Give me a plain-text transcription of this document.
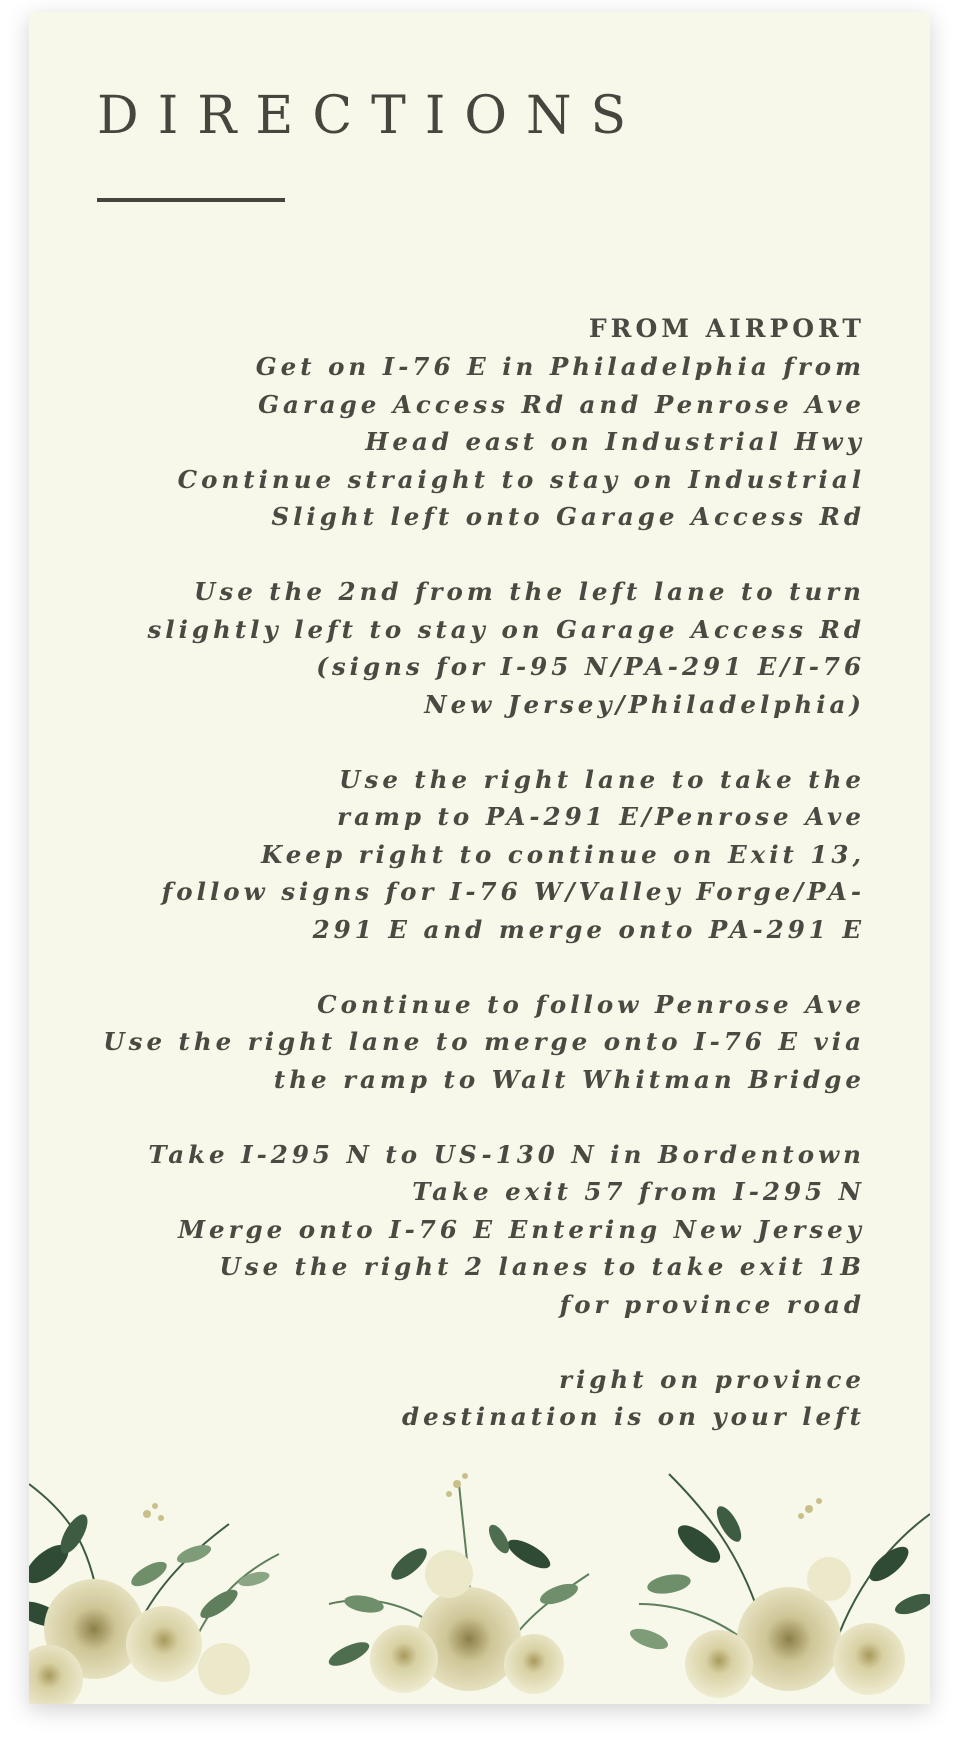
DIRECTIONS
FROM AIRPORT
Get on I-76 E in Philadelphia from
Garage Access Rd and Penrose Ave
Head east on Industrial Hwy
Continue straight to stay on Industrial
Slight left onto Garage Access Rd
Use the 2nd from the left lane to turn
slightly left to stay on Garage Access Rd
(signs for I-95 N/PA-291 E/I-76
New Jersey/Philadelphia)
Use the right lane to take the
ramp to PA-291 E/Penrose Ave
Keep right to continue on Exit 13,
follow signs for I-76 W/Valley Forge/PA-
291 E and merge onto PA-291 E
Continue to follow Penrose Ave
Use the right lane to merge onto I-76 E via
the ramp to Walt Whitman Bridge
Take I-295 N to US-130 N in Bordentown
Take exit 57 from I-295 N
Merge onto I-76 E Entering New Jersey
Use the right 2 lanes to take exit 1B
for province road
right on province
destination is on your left
